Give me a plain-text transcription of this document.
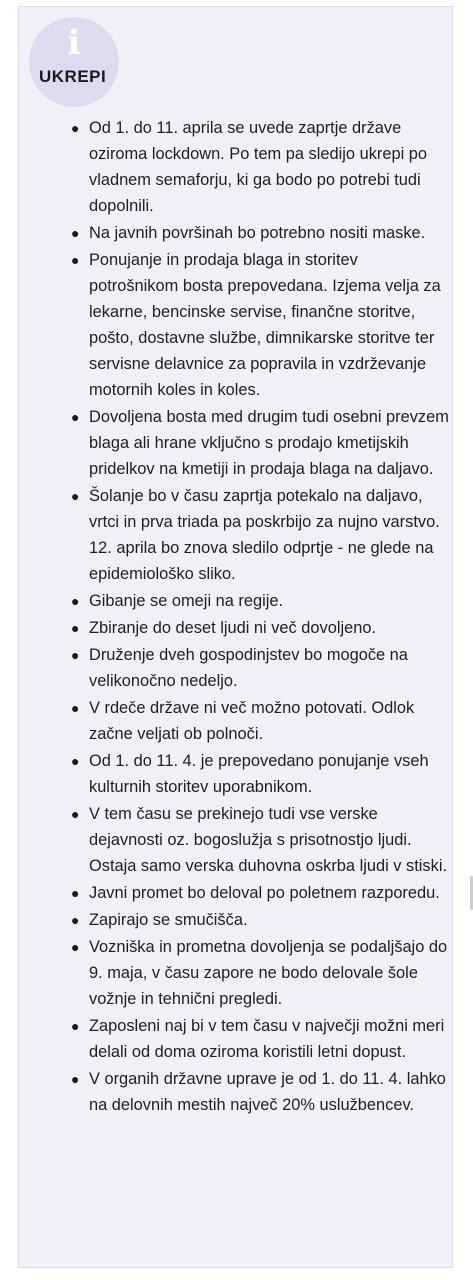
i
UKREPI
● Od 1. do 11. aprila se uvede zaprtje države oziroma lockdown. Po tem pa sledijo ukrepi po vladnem semaforju, ki ga bodo po potrebi tudi dopolnili.
● Na javnih površinah bo potrebno nositi maske.
● Ponujanje in prodaja blaga in storitev potrošnikom bosta prepovedana. Izjema velja za lekarne, bencinske servise, finančne storitve, pošto, dostavne službe, dimnikarske storitve ter servisne delavnice za popravila in vzdrževanje motornih koles in koles.
● Dovoljena bosta med drugim tudi osebni prevzem blaga ali hrane vključno s prodajo kmetijskih pridelkov na kmetiji in prodaja blaga na daljavo.
● Šolanje bo v času zaprtja potekalo na daljavo, vrtci in prva triada pa poskrbijo za nujno varstvo. 12. aprila bo znova sledilo odprtje - ne glede na epidemiološko sliko.
● Gibanje se omeji na regije.
● Zbiranje do deset ljudi ni več dovoljeno.
● Druženje dveh gospodinjstev bo mogoče na velikonočno nedeljo.
● V rdeče države ni več možno potovati. Odlok začne veljati ob polnoči.
● Od 1. do 11. 4. je prepovedano ponujanje vseh kulturnih storitev uporabnikom.
● V tem času se prekinejo tudi vse verske dejavnosti oz. bogoslužja s prisotnostjo ljudi. Ostaja samo verska duhovna oskrba ljudi v stiski.
● Javni promet bo deloval po poletnem razporedu.
● Zapirajo se smučišča.
● Vozniška in prometna dovoljenja se podaljšajo do 9. maja, v času zapore ne bodo delovale šole vožnje in tehnični pregledi.
● Zaposleni naj bi v tem času v največji možni meri delali od doma oziroma koristili letni dopust.
● V organih državne uprave je od 1. do 11. 4. lahko na delovnih mestih največ 20% uslužbencev.
